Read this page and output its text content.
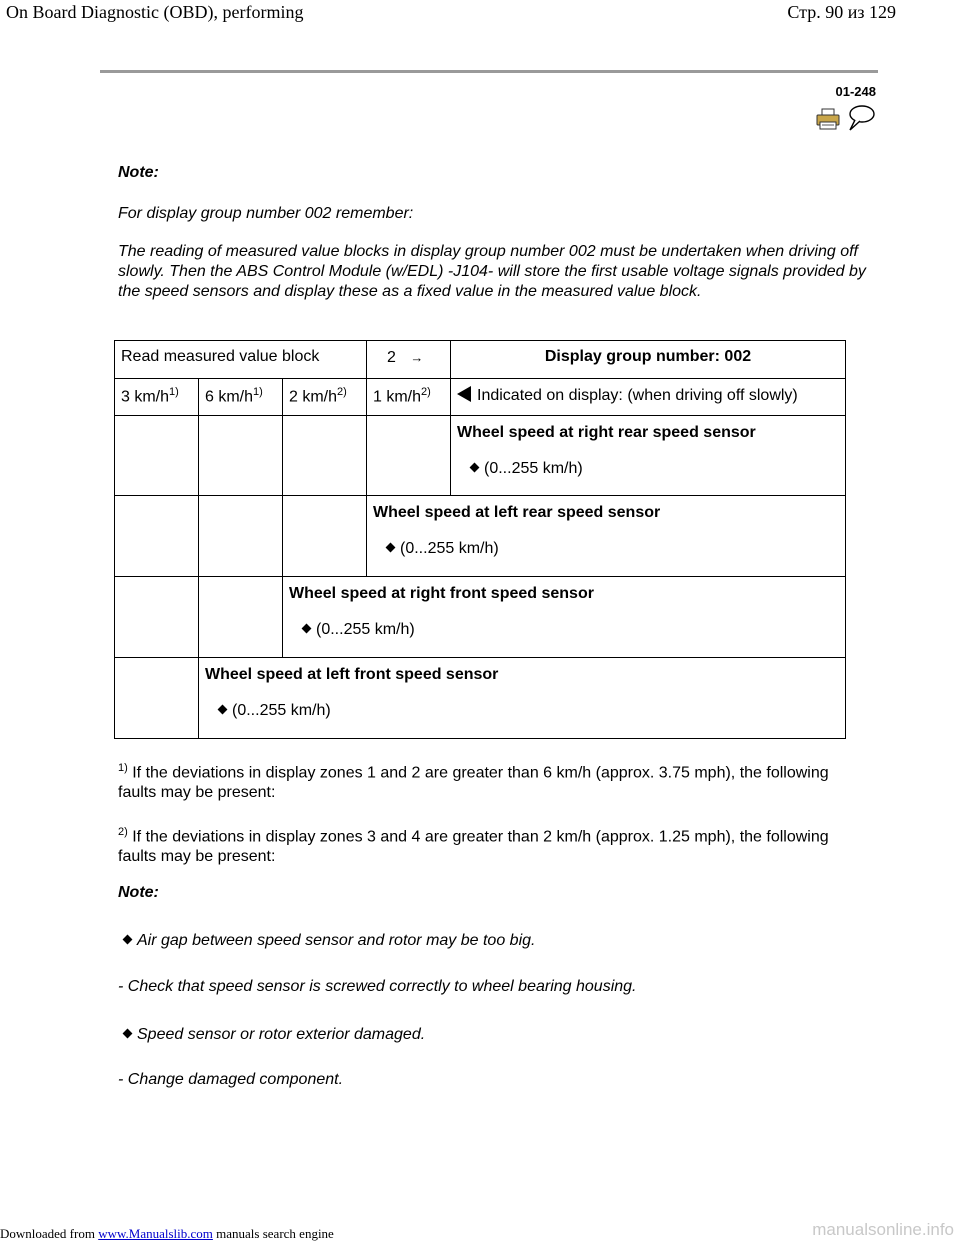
On Board Diagnostic (OBD), performing	Стр. 90 из 129
01-248
Note:
For display group number 002 remember:
The reading of measured value blocks in display group number 002 must be undertaken when driving off slowly. Then the ABS Control Module (w/EDL) -J104- will store the first usable voltage signals provided by the speed sensors and display these as a fixed value in the measured value block.
Read measured value block			2 →	Display group number: 002

3 $km/h^{1)}$	6 $km/h^{1)}$	2 $km/h^{2)}$	1 $km/h^{2)}$	Indicated on display: (when driving off slowly)

				Wheel speed at right rear speed sensor
(0...255 km/h)

			Wheel speed at left rear speed sensor
(0...255 km/h)	

		Wheel speed at right front speed sensor
(0...255 km/h)		

	Wheel speed at left front speed sensor
(0...255 km/h)			
$^{1)}$ If the deviations in display zones 1 and 2 are greater than 6 km/h (approx. 3.75 mph), the following faults may be present:
$^{2)}$ If the deviations in display zones 3 and 4 are greater than 2 km/h (approx. 1.25 mph), the following faults may be present:
Note:
Air gap between speed sensor and rotor may be too big.
- Check that speed sensor is screwed correctly to wheel bearing housing.
Speed sensor or rotor exterior damaged.
- Change damaged component.
Downloaded from www.Manualslib.com manuals search engine	manualsonline.info
